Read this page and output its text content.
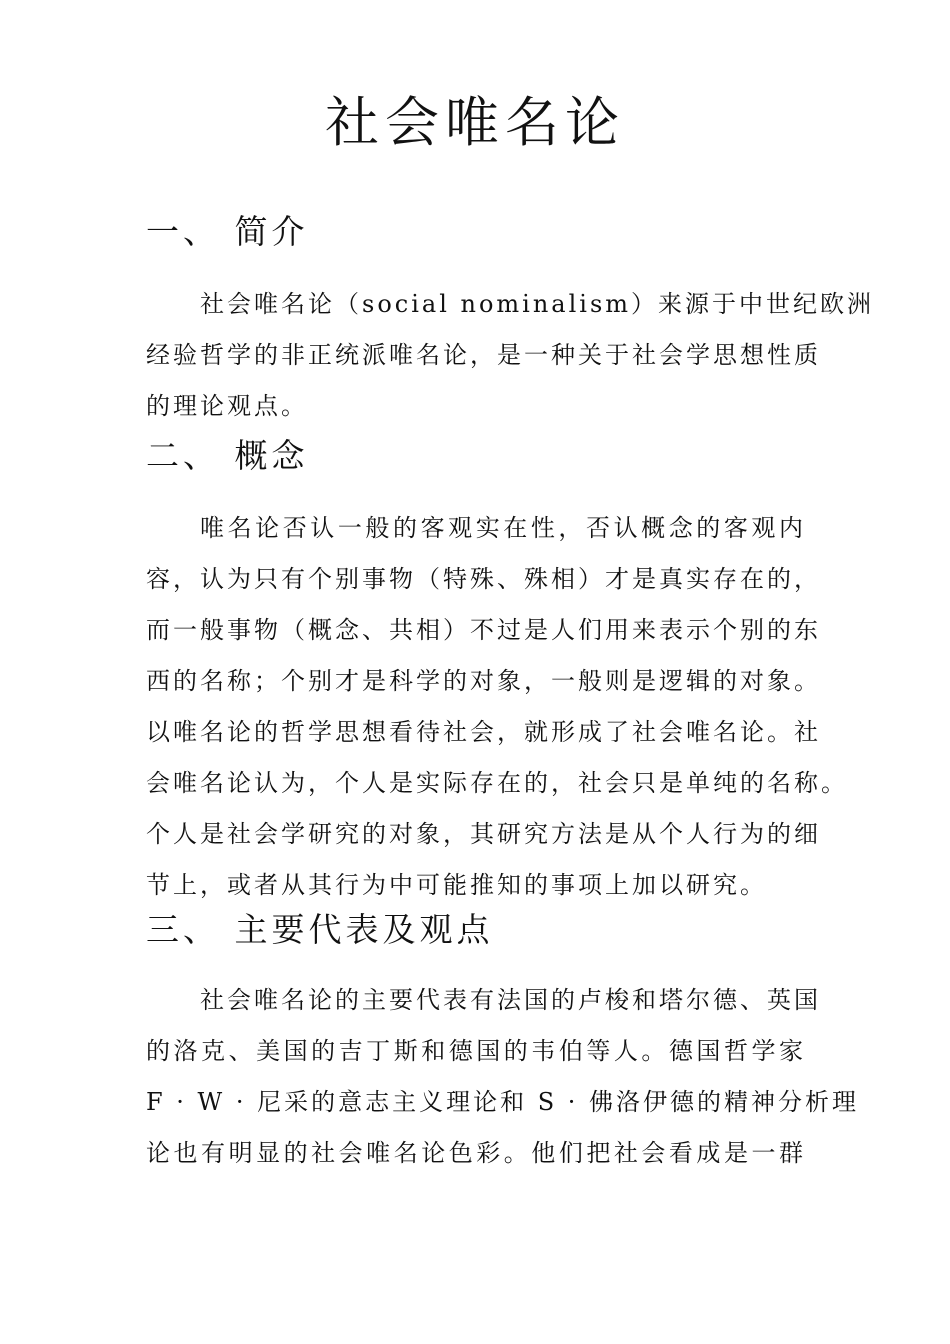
社会唯名论
一、 简介
社会唯名论（social nominalism）来源于中世纪欧洲
经验哲学的非正统派唯名论，是一种关于社会学思想性质
的理论观点。
二、 概念
唯名论否认一般的客观实在性，否认概念的客观内
容，认为只有个别事物（特殊、殊相）才是真实存在的，
而一般事物（概念、共相）不过是人们用来表示个别的东
西的名称；个别才是科学的对象，一般则是逻辑的对象。
以唯名论的哲学思想看待社会，就形成了社会唯名论。社
会唯名论认为，个人是实际存在的，社会只是单纯的名称。
个人是社会学研究的对象，其研究方法是从个人行为的细
节上，或者从其行为中可能推知的事项上加以研究。
三、 主要代表及观点
社会唯名论的主要代表有法国的卢梭和塔尔德、英国
的洛克、美国的吉丁斯和德国的韦伯等人。德国哲学家
F · W · 尼采的意志主义理论和 S · 佛洛伊德的精神分析理
论也有明显的社会唯名论色彩。他们把社会看成是一群
